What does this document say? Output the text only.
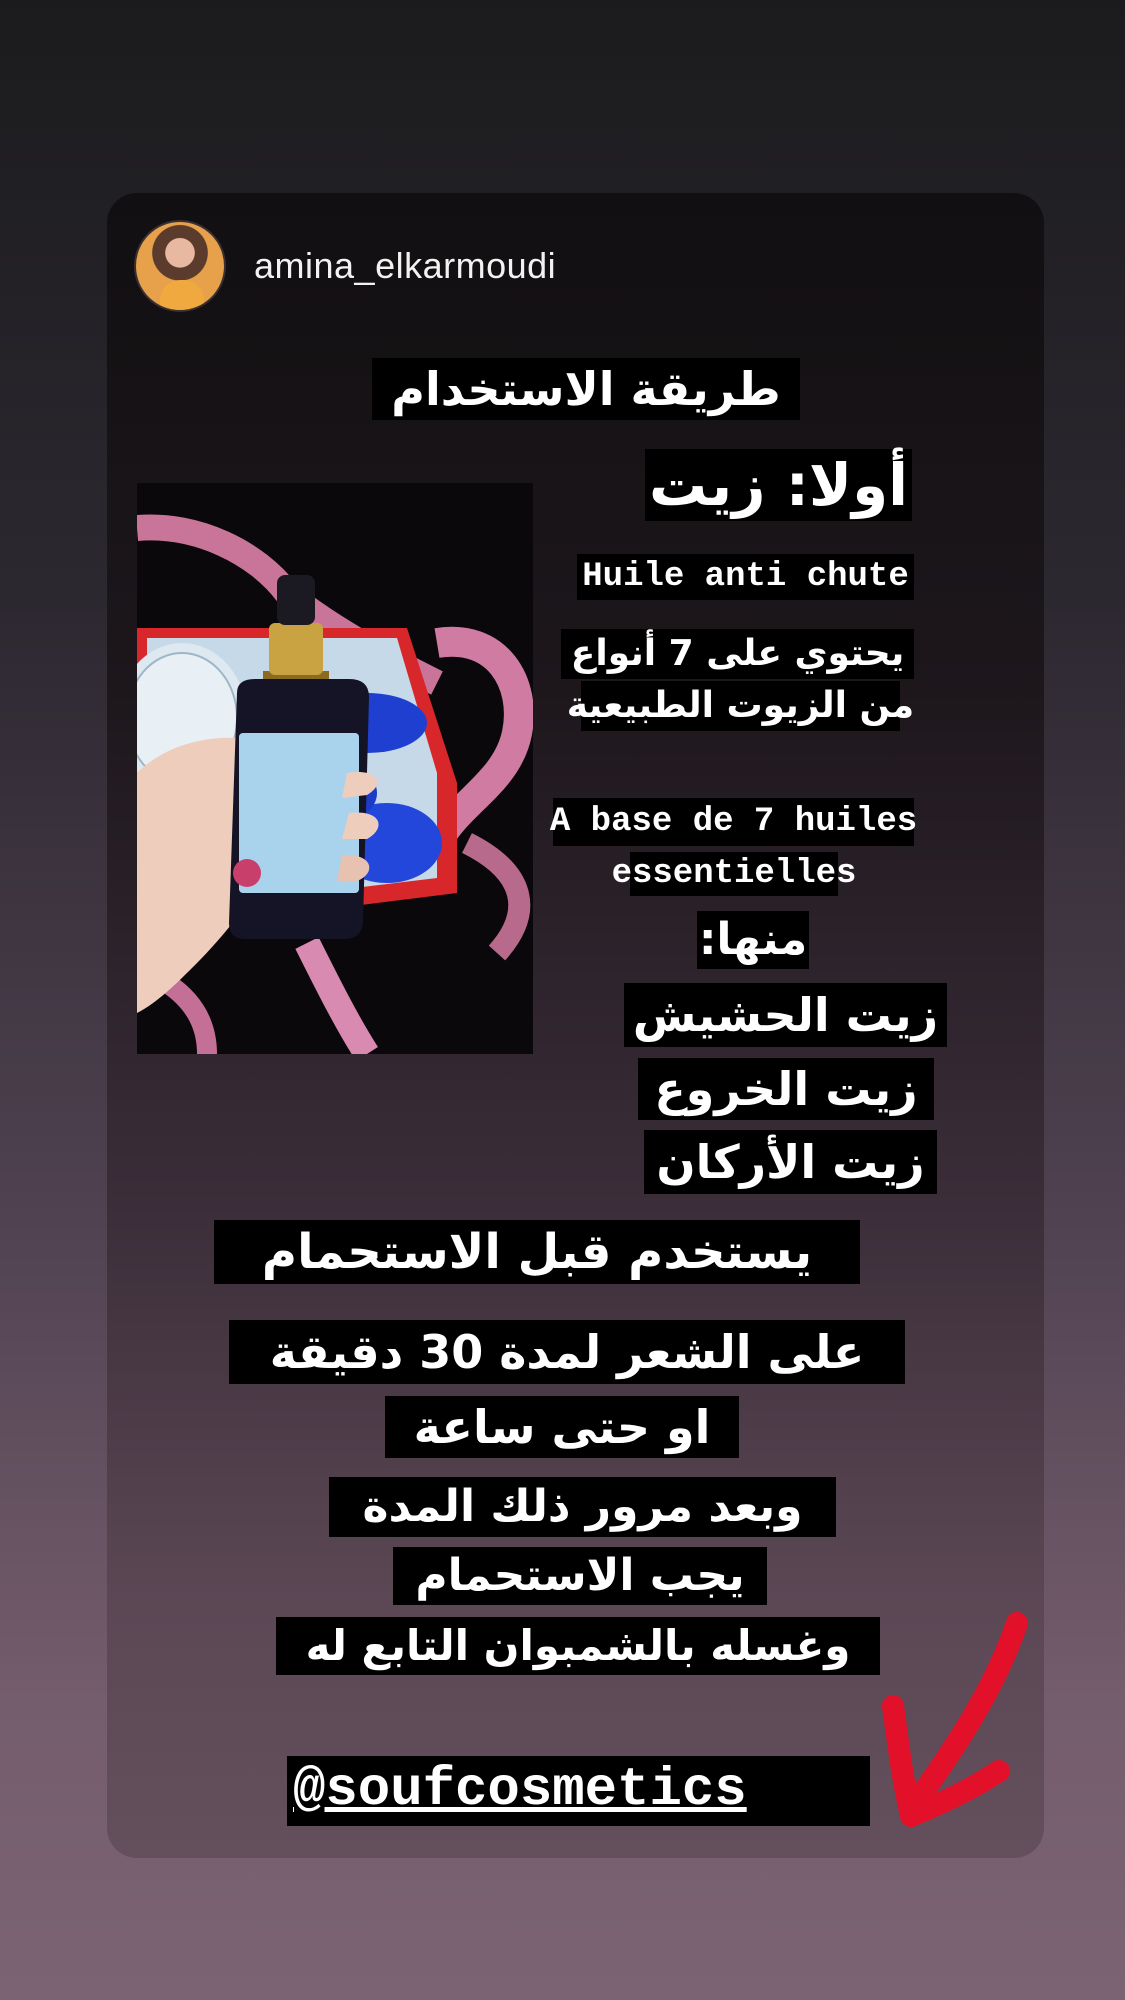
amina_elkarmoudi
طريقة الاستخدام
أولا: زيت
Huile anti chute
يحتوي على 7 أنواع
من الزيوت الطبيعية
A base de 7 huiles
essentielles
منها:
زيت الحشيش
زيت الخروع
زيت الأركان
يستخدم قبل الاستحمام
على الشعر لمدة 30 دقيقة
او حتى ساعة
وبعد مرور ذلك المدة
يجب الاستحمام
وغسله بالشمبوان التابع له
@soufcosmetics
